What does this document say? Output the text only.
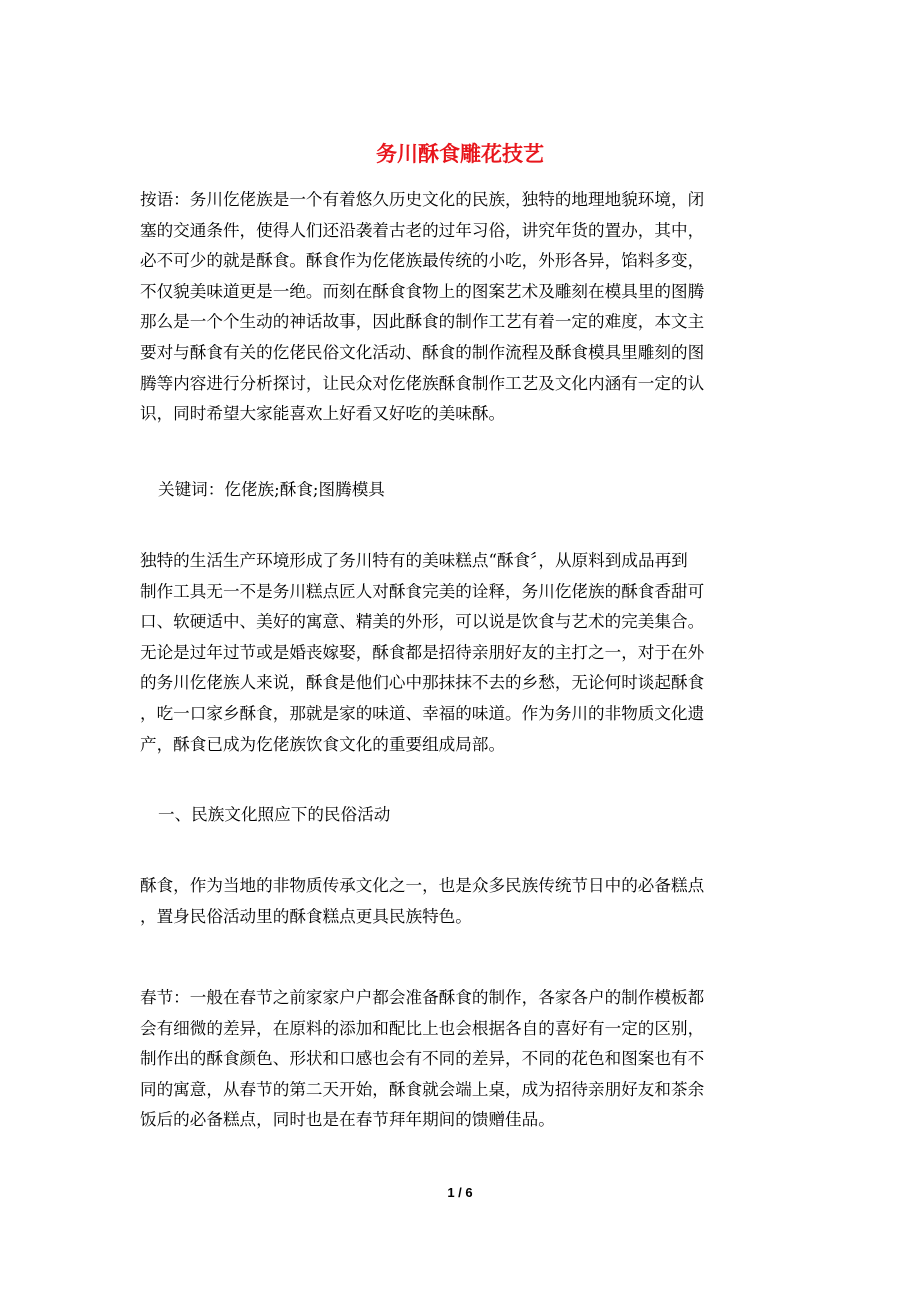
务川酥食雕花技艺
按语：务川仡佬族是一个有着悠久历史文化的民族，独特的地理地貌环境，闭
塞的交通条件，使得人们还沿袭着古老的过年习俗，讲究年货的置办，其中，
必不可少的就是酥食。酥食作为仡佬族最传统的小吃，外形各异，馅料多变，
不仅貌美味道更是一绝。而刻在酥食食物上的图案艺术及雕刻在模具里的图腾
那么是一个个生动的神话故事，因此酥食的制作工艺有着一定的难度，本文主
要对与酥食有关的仡佬民俗文化活动、酥食的制作流程及酥食模具里雕刻的图
腾等内容进行分析探讨，让民众对仡佬族酥食制作工艺及文化内涵有一定的认
识，同时希望大家能喜欢上好看又好吃的美味酥。

关键词：仡佬族;酥食;图腾模具

独特的生活生产环境形成了务川特有的美味糕点“酥食〞，从原料到成品再到
制作工具无一不是务川糕点匠人对酥食完美的诠释，务川仡佬族的酥食香甜可
口、软硬适中、美好的寓意、精美的外形，可以说是饮食与艺术的完美集合。
无论是过年过节或是婚丧嫁娶，酥食都是招待亲朋好友的主打之一，对于在外
的务川仡佬族人来说，酥食是他们心中那抹抹不去的乡愁，无论何时谈起酥食
，吃一口家乡酥食，那就是家的味道、幸福的味道。作为务川的非物质文化遗
产，酥食已成为仡佬族饮食文化的重要组成局部。

一、民族文化照应下的民俗活动

酥食，作为当地的非物质传承文化之一，也是众多民族传统节日中的必备糕点
，置身民俗活动里的酥食糕点更具民族特色。
春节：一般在春节之前家家户户都会准备酥食的制作，各家各户的制作模板都
会有细微的差异，在原料的添加和配比上也会根据各自的喜好有一定的区别，
制作出的酥食颜色、形状和口感也会有不同的差异，不同的花色和图案也有不
同的寓意，从春节的第二天开始，酥食就会端上桌，成为招待亲朋好友和茶余
饭后的必备糕点，同时也是在春节拜年期间的馈赠佳品。
1 / 6
